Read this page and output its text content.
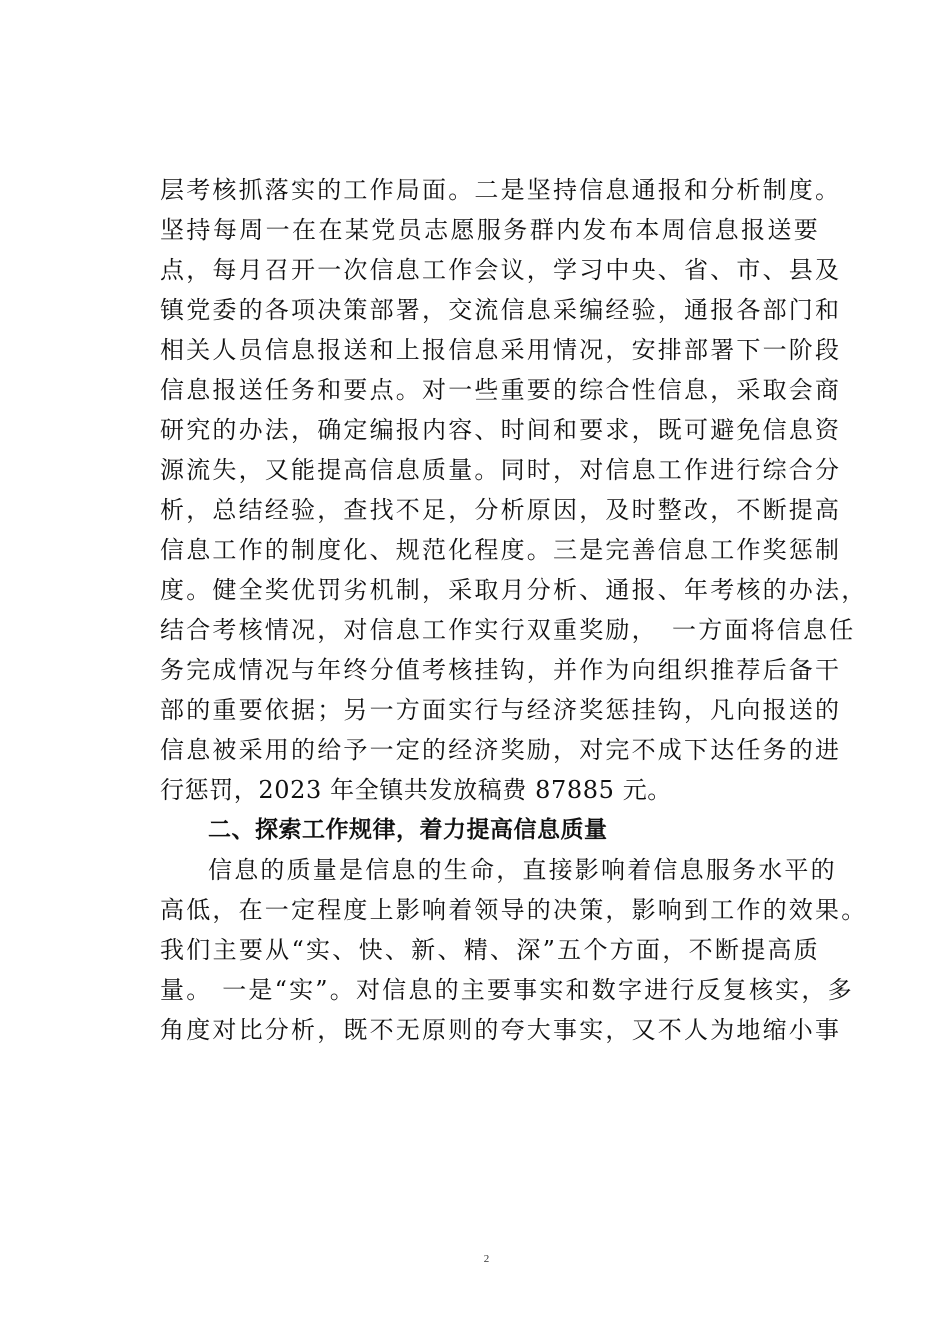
层考核抓落实的工作局面。二是坚持信息通报和分析制度。
坚持每周一在在某党员志愿服务群内发布本周信息报送要
点，每月召开一次信息工作会议，学习中央、省、市、县及
镇党委的各项决策部署，交流信息采编经验，通报各部门和
相关人员信息报送和上报信息采用情况，安排部署下一阶段
信息报送任务和要点。对一些重要的综合性信息，采取会商
研究的办法，确定编报内容、时间和要求，既可避免信息资
源流失，又能提高信息质量。同时，对信息工作进行综合分
析，总结经验，查找不足，分析原因，及时整改，不断提高
信息工作的制度化、规范化程度。三是完善信息工作奖惩制
度。健全奖优罚劣机制，采取月分析、通报、年考核的办法，
结合考核情况，对信息工作实行双重奖励，　一方面将信息任
务完成情况与年终分值考核挂钩，并作为向组织推荐后备干
部的重要依据；另一方面实行与经济奖惩挂钩，凡向报送的
信息被采用的给予一定的经济奖励，对完不成下达任务的进
行惩罚，2023 年全镇共发放稿费 87885 元。
二、探索工作规律，着力提高信息质量
信息的质量是信息的生命，直接影响着信息服务水平的
高低，在一定程度上影响着领导的决策，影响到工作的效果。
我们主要从“实、快、新、精、深”五个方面，不断提高质
量。 一是“实”。对信息的主要事实和数字进行反复核实，多
角度对比分析，既不无原则的夸大事实，又不人为地缩小事
2
